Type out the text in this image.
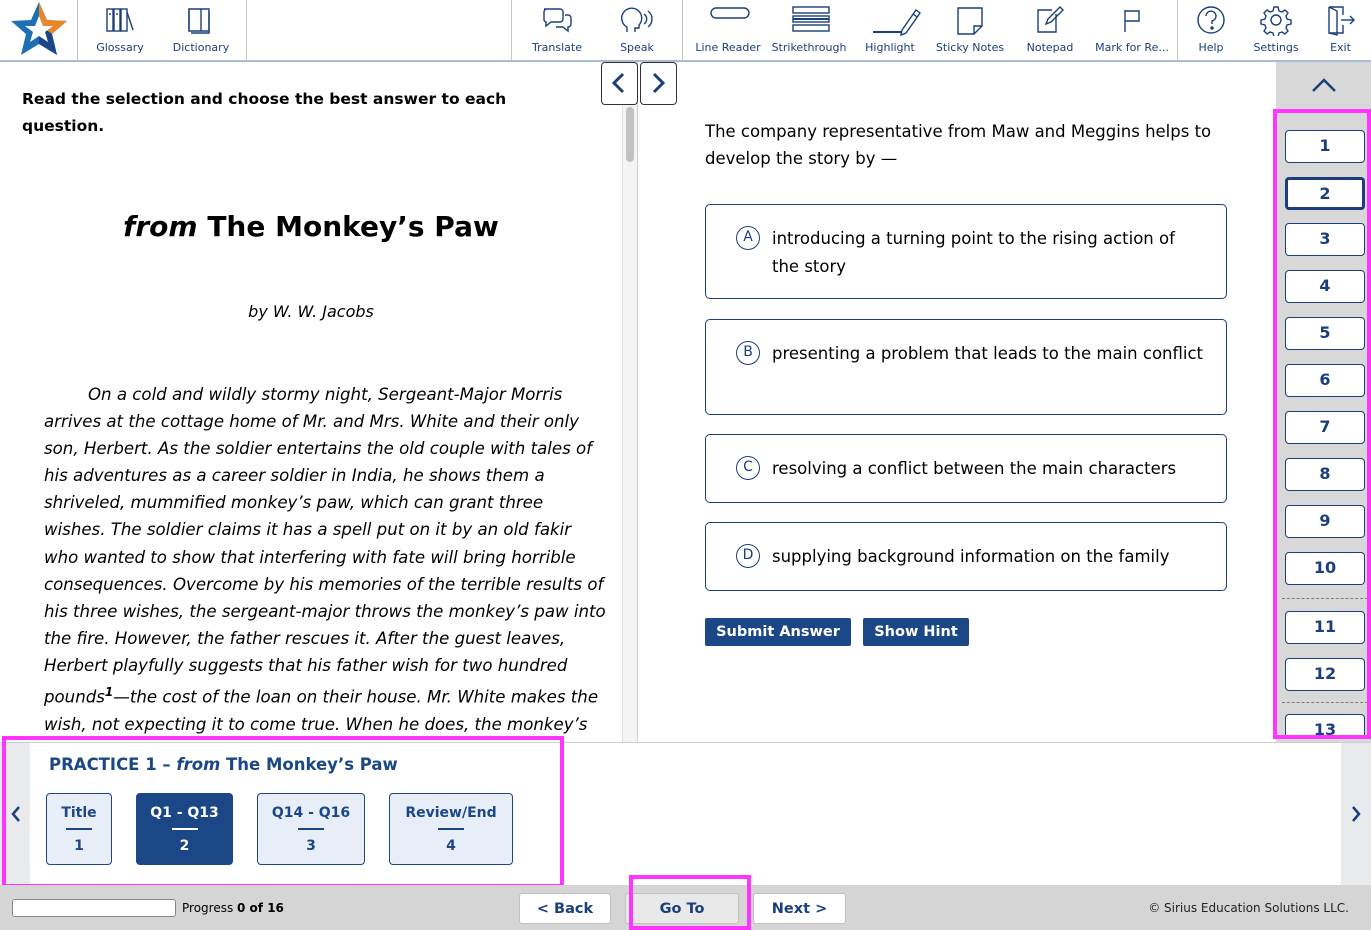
Glossary	Dictionary	Translate	Speak	Line Reader Strikethrough	Highlight	Sticky Notes	Notepad	Mark for Re...	Help	Settings	Exit

Read the selection and choose the best answer to each question.

from The Monkey’s Paw
by W. W. Jacobs

On a cold and wildly stormy night, Sergeant-Major Morris arrives at the cottage home of Mr. and Mrs. White and their only son, Herbert. As the soldier entertains the old couple with tales of his adventures as a career soldier in India, he shows them a shriveled, mummified monkey’s paw, which can grant three wishes. The soldier claims it has a spell put on it by an old fakir who wanted to show that interfering with fate will bring horrible consequences. Overcome by his memories of the terrible results of his three wishes, the sergeant-major throws the monkey’s paw into the fire. However, the father rescues it. After the guest leaves, Herbert playfully suggests that his father wish for two hundred pounds$^1$—the cost of the loan on their house. Mr. White makes the wish, not expecting it to come true. When he does, the monkey’s

The company representative from Maw and Meggins helps to develop the story by —

A	introducing a turning point to the rising action of the story
B	presenting a problem that leads to the main conflict
C	resolving a conflict between the main characters
D	supplying background information on the family
Submit Answer	Show Hint
1
2
3
4
5
6
7
8
9
10
11
12
13
PRACTICE 1 – from The Monkey’s Paw
Title
1
Q1 - Q13
2
Q14 - Q16
3
Review/End
4
Progress 0 of 16	< Back	Go To	Next >	© Sirius Education Solutions LLC.
